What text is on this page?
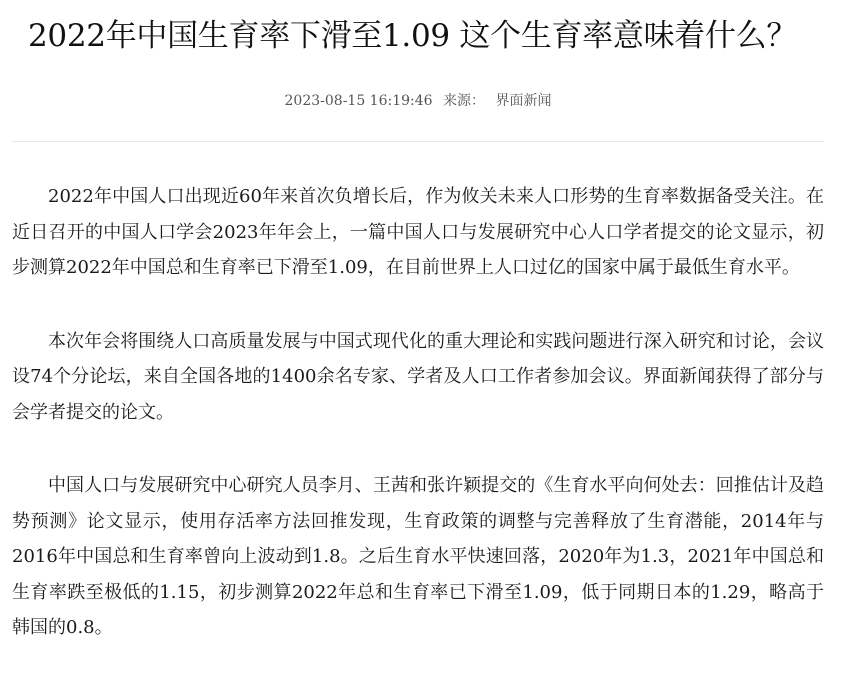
2022年中国生育率下滑至1.09 这个生育率意味着什么？
2023-08-15 16:19:46 来源： 界面新闻

2022年中国人口出现近60年来首次负增长后，作为攸关未来人口形势的生育率数据备受关注。在近日召开的中国人口学会2023年年会上，一篇中国人口与发展研究中心人口学者提交的论文显示，初步测算2022年中国总和生育率已下滑至1.09，在目前世界上人口过亿的国家中属于最低生育水平。

本次年会将围绕人口高质量发展与中国式现代化的重大理论和实践问题进行深入研究和讨论，会议设74个分论坛，来自全国各地的1400余名专家、学者及人口工作者参加会议。界面新闻获得了部分与会学者提交的论文。

中国人口与发展研究中心研究人员李月、王茜和张许颖提交的《生育水平向何处去：回推估计及趋势预测》论文显示，使用存活率方法回推发现，生育政策的调整与完善释放了生育潜能，2014年与2016年中国总和生育率曾向上波动到1.8。之后生育水平快速回落，2020年为1.3，2021年中国总和生育率跌至极低的1.15，初步测算2022年总和生育率已下滑至1.09，低于同期日本的1.29，略高于韩国的0.8。
